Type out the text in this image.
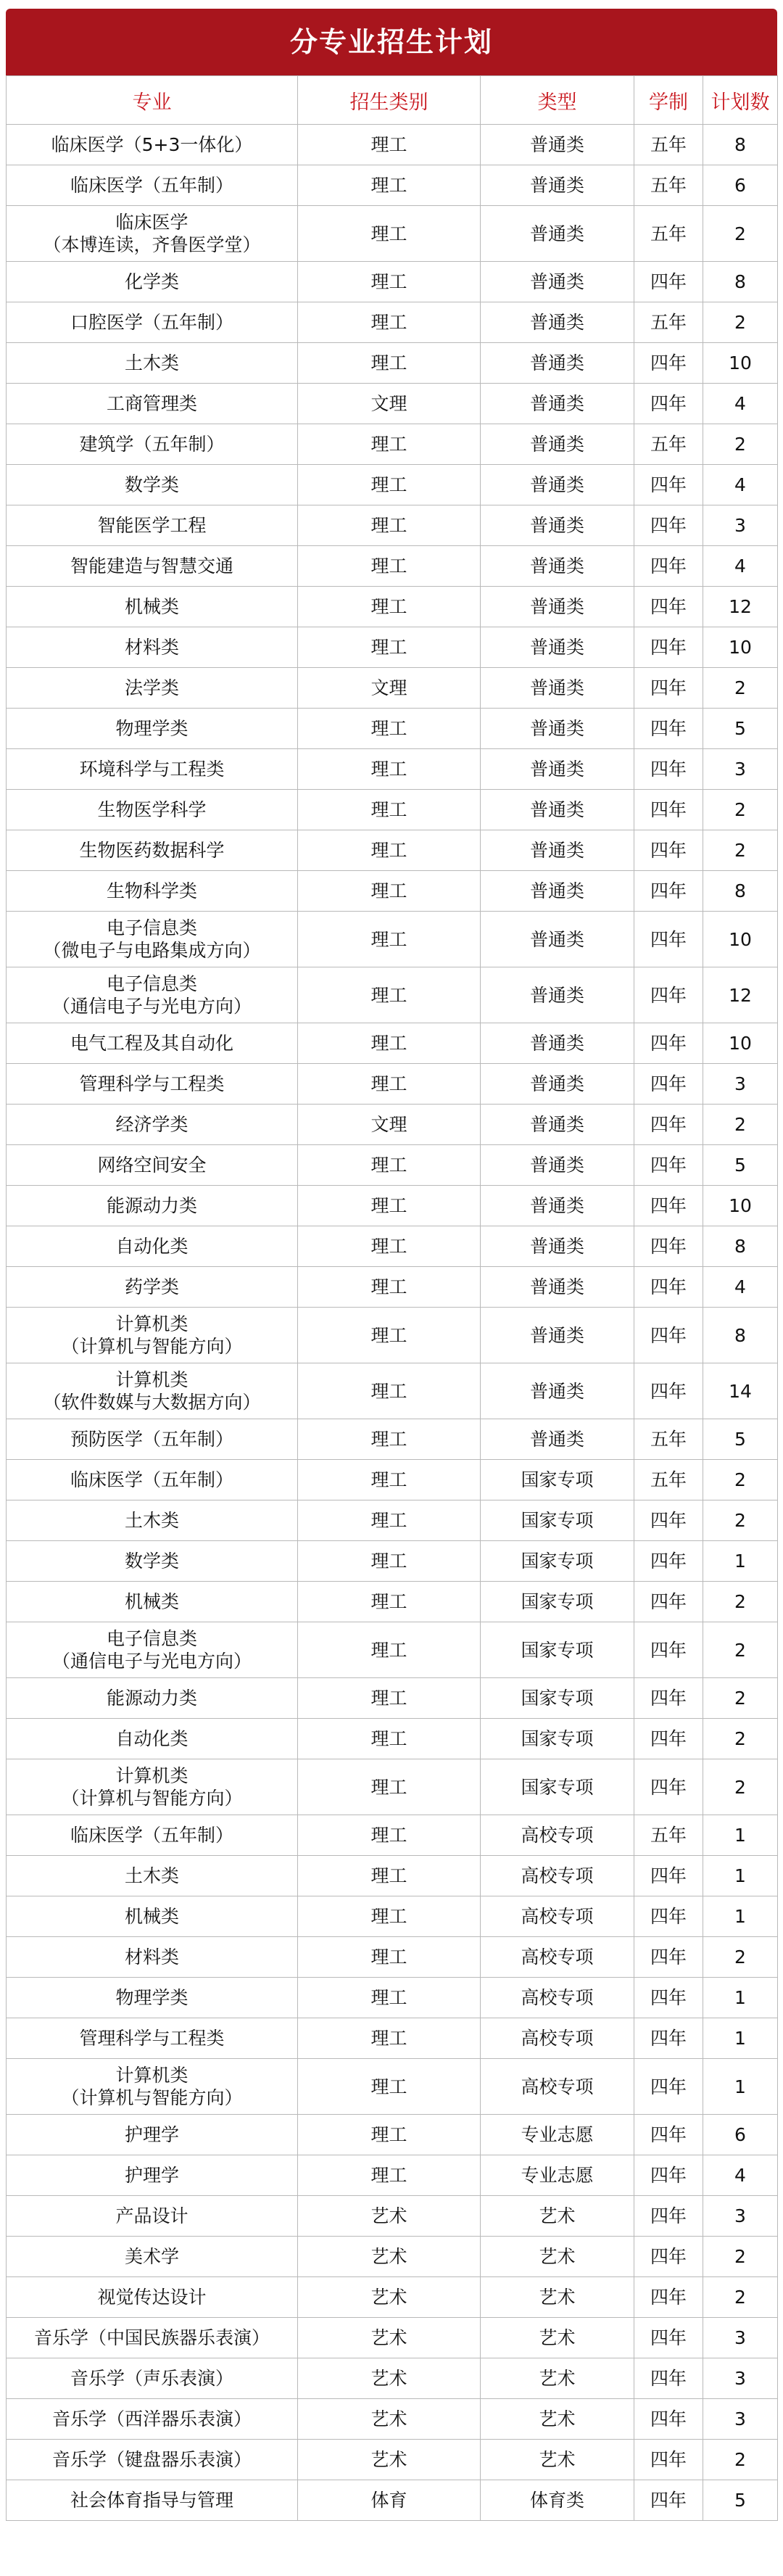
分专业招生计划
专业	招生类别	类型	学制	计划数

临床医学（5+3一体化）	理工	普通类	五年	8

临床医学（五年制）	理工	普通类	五年	6

临床医学
（本博连读，齐鲁医学堂）	理工	普通类	五年	2

化学类	理工	普通类	四年	8

口腔医学（五年制）	理工	普通类	五年	2

土木类	理工	普通类	四年	10

工商管理类	文理	普通类	四年	4

建筑学（五年制）	理工	普通类	五年	2

数学类	理工	普通类	四年	4

智能医学工程	理工	普通类	四年	3

智能建造与智慧交通	理工	普通类	四年	4

机械类	理工	普通类	四年	12

材料类	理工	普通类	四年	10

法学类	文理	普通类	四年	2

物理学类	理工	普通类	四年	5

环境科学与工程类	理工	普通类	四年	3

生物医学科学	理工	普通类	四年	2

生物医药数据科学	理工	普通类	四年	2

生物科学类	理工	普通类	四年	8

电子信息类
（微电子与电路集成方向）	理工	普通类	四年	10

电子信息类
（通信电子与光电方向）	理工	普通类	四年	12

电气工程及其自动化	理工	普通类	四年	10

管理科学与工程类	理工	普通类	四年	3

经济学类	文理	普通类	四年	2

网络空间安全	理工	普通类	四年	5

能源动力类	理工	普通类	四年	10

自动化类	理工	普通类	四年	8

药学类	理工	普通类	四年	4

计算机类
（计算机与智能方向）	理工	普通类	四年	8

计算机类
（软件数媒与大数据方向）	理工	普通类	四年	14

预防医学（五年制）	理工	普通类	五年	5

临床医学（五年制）	理工	国家专项	五年	2

土木类	理工	国家专项	四年	2

数学类	理工	国家专项	四年	1

机械类	理工	国家专项	四年	2

电子信息类
（通信电子与光电方向）	理工	国家专项	四年	2

能源动力类	理工	国家专项	四年	2

自动化类	理工	国家专项	四年	2

计算机类
（计算机与智能方向）	理工	国家专项	四年	2

临床医学（五年制）	理工	高校专项	五年	1

土木类	理工	高校专项	四年	1

机械类	理工	高校专项	四年	1

材料类	理工	高校专项	四年	2

物理学类	理工	高校专项	四年	1

管理科学与工程类	理工	高校专项	四年	1

计算机类
（计算机与智能方向）	理工	高校专项	四年	1

护理学	理工	专业志愿	四年	6

护理学	理工	专业志愿	四年	4

产品设计	艺术	艺术	四年	3

美术学	艺术	艺术	四年	2

视觉传达设计	艺术	艺术	四年	2

音乐学（中国民族器乐表演）	艺术	艺术	四年	3

音乐学（声乐表演）	艺术	艺术	四年	3

音乐学（西洋器乐表演）	艺术	艺术	四年	3

音乐学（键盘器乐表演）	艺术	艺术	四年	2

社会体育指导与管理	体育	体育类	四年	5
